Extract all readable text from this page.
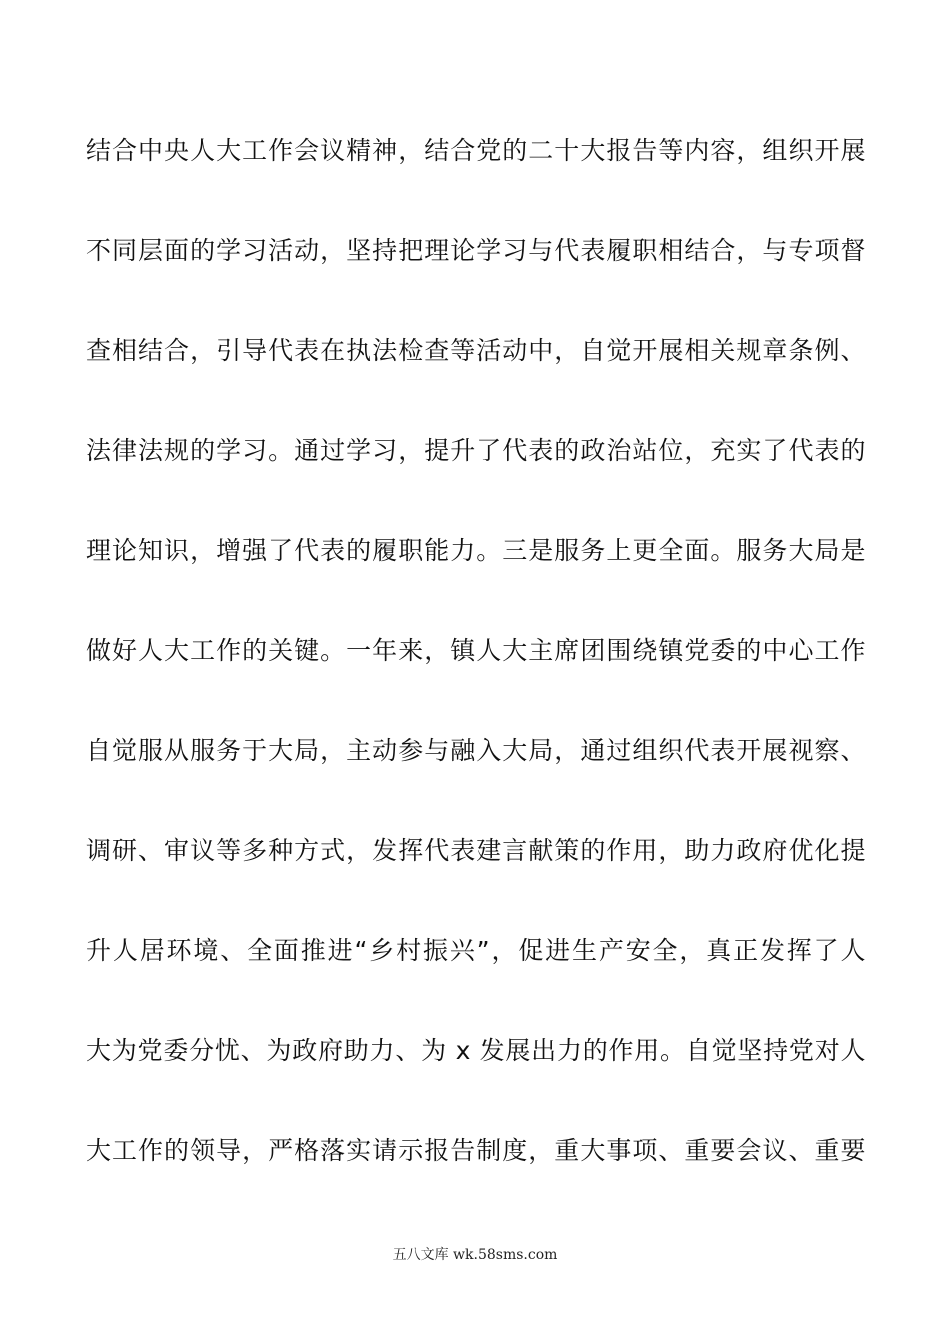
结合中央人大工作会议精神，结合党的二十大报告等内容，组织开展
不同层面的学习活动，坚持把理论学习与代表履职相结合，与专项督
查相结合，引导代表在执法检查等活动中，自觉开展相关规章条例、
法律法规的学习。通过学习，提升了代表的政治站位，充实了代表的
理论知识，增强了代表的履职能力。三是服务上更全面。服务大局是
做好人大工作的关键。一年来，镇人大主席团围绕镇党委的中心工作
自觉服从服务于大局，主动参与融入大局，通过组织代表开展视察、
调研、审议等多种方式，发挥代表建言献策的作用，助力政府优化提
升人居环境、全面推进“乡村振兴”，促进生产安全，真正发挥了人
大为党委分忧、为政府助力、为 x 发展出力的作用。自觉坚持党对人
大工作的领导，严格落实请示报告制度，重大事项、重要会议、重要
五八文库 wk.58sms.com
